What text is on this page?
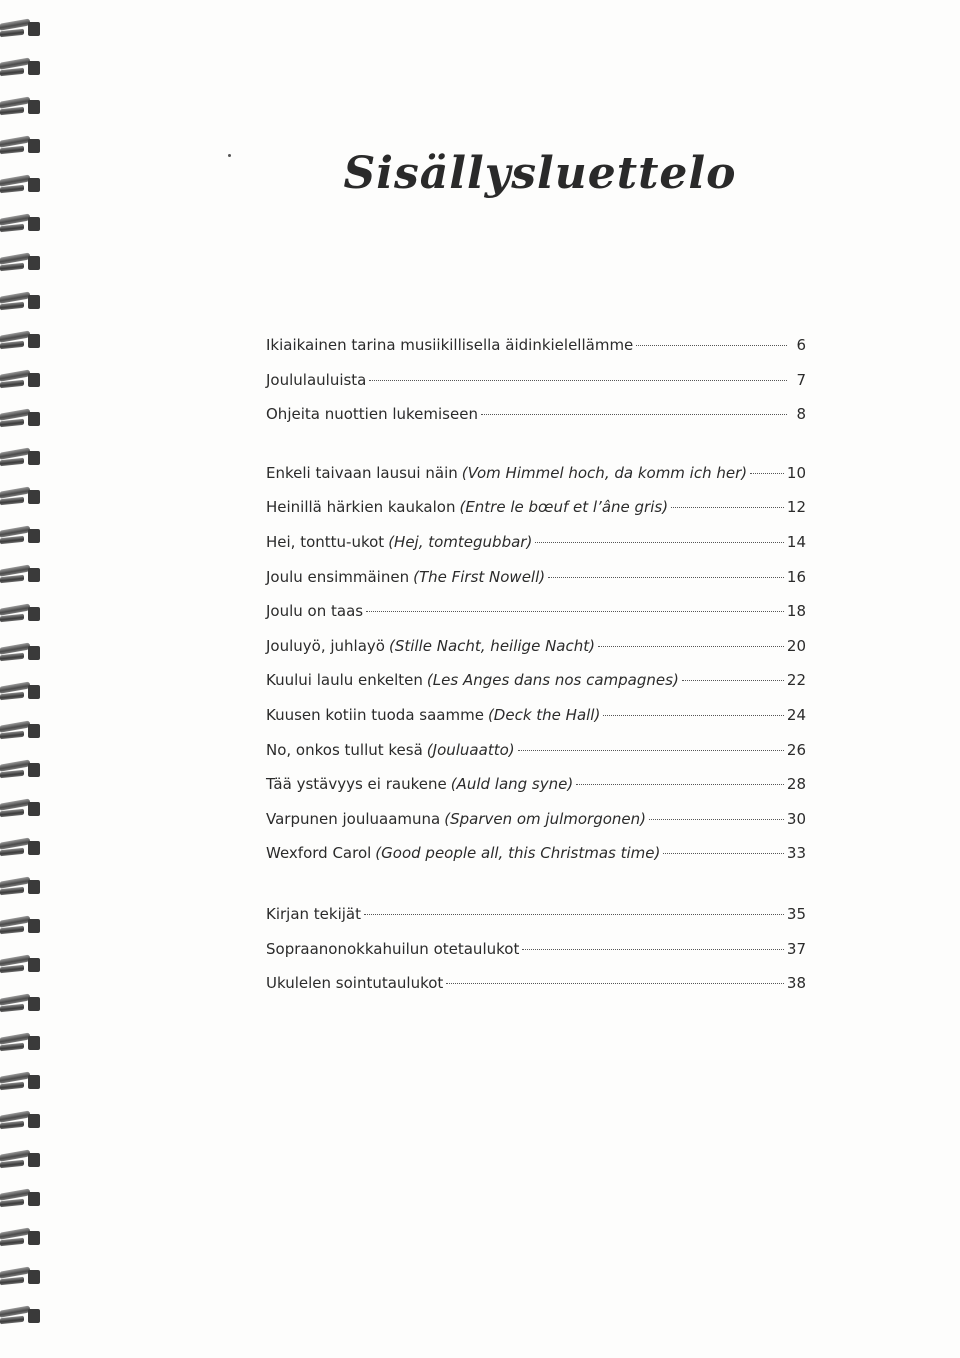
Sisällysluettelo
Ikiaikainen tarina musiikillisella äidinkielellämme	6
Joululauluista	7
Ohjeita nuottien lukemiseen	8
Enkeli taivaan lausui näin (Vom Himmel hoch, da komm ich her)	10
Heinillä härkien kaukalon (Entre le bœuf et l’âne gris)	12
Hei, tonttu-ukot (Hej, tomtegubbar)	14
Joulu ensimmäinen (The First Nowell)	16
Joulu on taas	18
Jouluyö, juhlayö (Stille Nacht, heilige Nacht)	20
Kuului laulu enkelten (Les Anges dans nos campagnes)	22
Kuusen kotiin tuoda saamme (Deck the Hall)	24
No, onkos tullut kesä (Jouluaatto)	26
Tää ystävyys ei raukene (Auld lang syne)	28
Varpunen jouluaamuna (Sparven om julmorgonen)	30
Wexford Carol (Good people all, this Christmas time)	33
Kirjan tekijät	35
Sopraanonokkahuilun otetaulukot	37
Ukulelen sointutaulukot	38
